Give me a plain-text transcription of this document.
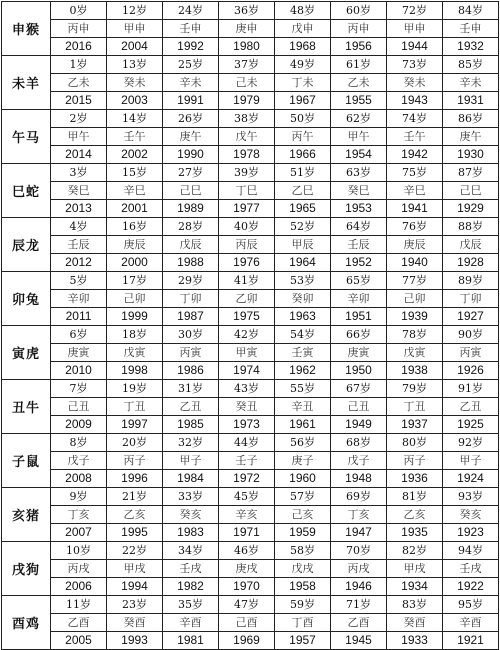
申猴	0岁	12岁	24岁	36岁	48岁	60岁	72岁	84岁
	丙申	甲申	壬申	庚申	戊申	丙申	甲申	壬申
	2016	2004	1992	1980	1968	1956	1944	1932
未羊	1岁	13岁	25岁	37岁	49岁	61岁	73岁	85岁
	乙未	癸未	辛未	己未	丁未	乙未	癸未	辛未
	2015	2003	1991	1979	1967	1955	1943	1931
午马	2岁	14岁	26岁	38岁	50岁	62岁	74岁	86岁
	甲午	壬午	庚午	戊午	丙午	甲午	壬午	庚午
	2014	2002	1990	1978	1966	1954	1942	1930
巳蛇	3岁	15岁	27岁	39岁	51岁	63岁	75岁	87岁
	癸巳	辛巳	己巳	丁巳	乙巳	癸巳	辛巳	己巳
	2013	2001	1989	1977	1965	1953	1941	1929
辰龙	4岁	16岁	28岁	40岁	52岁	64岁	76岁	88岁
	壬辰	庚辰	戊辰	丙辰	甲辰	壬辰	庚辰	戊辰
	2012	2000	1988	1976	1964	1952	1940	1928
卯兔	5岁	17岁	29岁	41岁	53岁	65岁	77岁	89岁
	辛卯	己卯	丁卯	乙卯	癸卯	辛卯	己卯	丁卯
	2011	1999	1987	1975	1963	1951	1939	1927
寅虎	6岁	18岁	30岁	42岁	54岁	66岁	78岁	90岁
	庚寅	戊寅	丙寅	甲寅	壬寅	庚寅	戊寅	丙寅
	2010	1998	1986	1974	1962	1950	1938	1926
丑牛	7岁	19岁	31岁	43岁	55岁	67岁	79岁	91岁
	己丑	丁丑	乙丑	癸丑	辛丑	己丑	丁丑	乙丑
	2009	1997	1985	1973	1961	1949	1937	1925
子鼠	8岁	20岁	32岁	44岁	56岁	68岁	80岁	92岁
	戊子	丙子	甲子	壬子	庚子	戊子	丙子	甲子
	2008	1996	1984	1972	1960	1948	1936	1924
亥猪	9岁	21岁	33岁	45岁	57岁	69岁	81岁	93岁
	丁亥	乙亥	癸亥	辛亥	己亥	丁亥	乙亥	癸亥
	2007	1995	1983	1971	1959	1947	1935	1923
戌狗	10岁	22岁	34岁	46岁	58岁	70岁	82岁	94岁
	丙戌	甲戌	壬戌	庚戌	戊戌	丙戌	甲戌	壬戌
	2006	1994	1982	1970	1958	1946	1934	1922
酉鸡	11岁	23岁	35岁	47岁	59岁	71岁	83岁	95岁
	乙酉	癸酉	辛酉	己酉	丁酉	乙酉	癸酉	辛酉
	2005	1993	1981	1969	1957	1945	1933	1921
